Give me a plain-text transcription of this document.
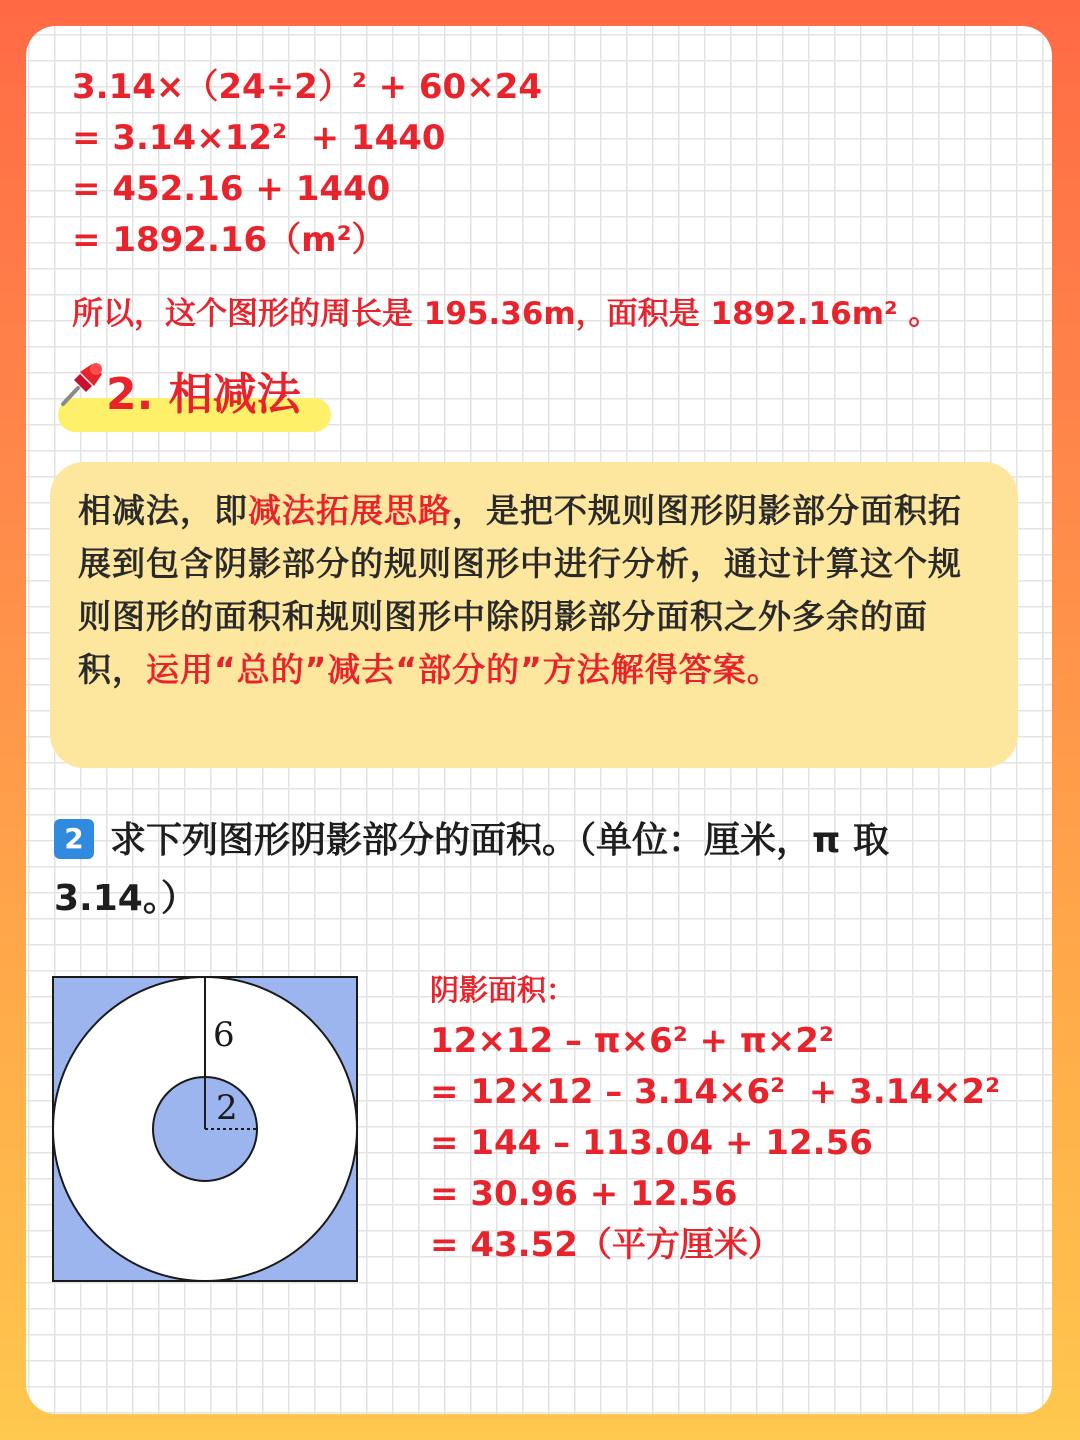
3.14×（24÷2）² + 60×24
= 3.14×12²  + 1440
= 452.16 + 1440
= 1892.16（m²）
所以，这个图形的周长是 195.36m，面积是 1892.16m² 。
2. 相减法

相减法，即减法拓展思路，是把不规则图形阴影部分面积拓展到包含阴影部分的规则图形中进行分析，通过计算这个规则图形的面积和规则图形中除阴影部分面积之外多余的面积，运用“总的”减去“部分的”方法解得答案。

2 求下列图形阴影部分的面积。（单位：厘米，π 取 3.14。）

6
2
阴影面积：
12×12 – π×6² + π×2²
= 12×12 – 3.14×6²  + 3.14×2²
= 144 – 113.04 + 12.56
= 30.96 + 12.56
= 43.52（平方厘米）
